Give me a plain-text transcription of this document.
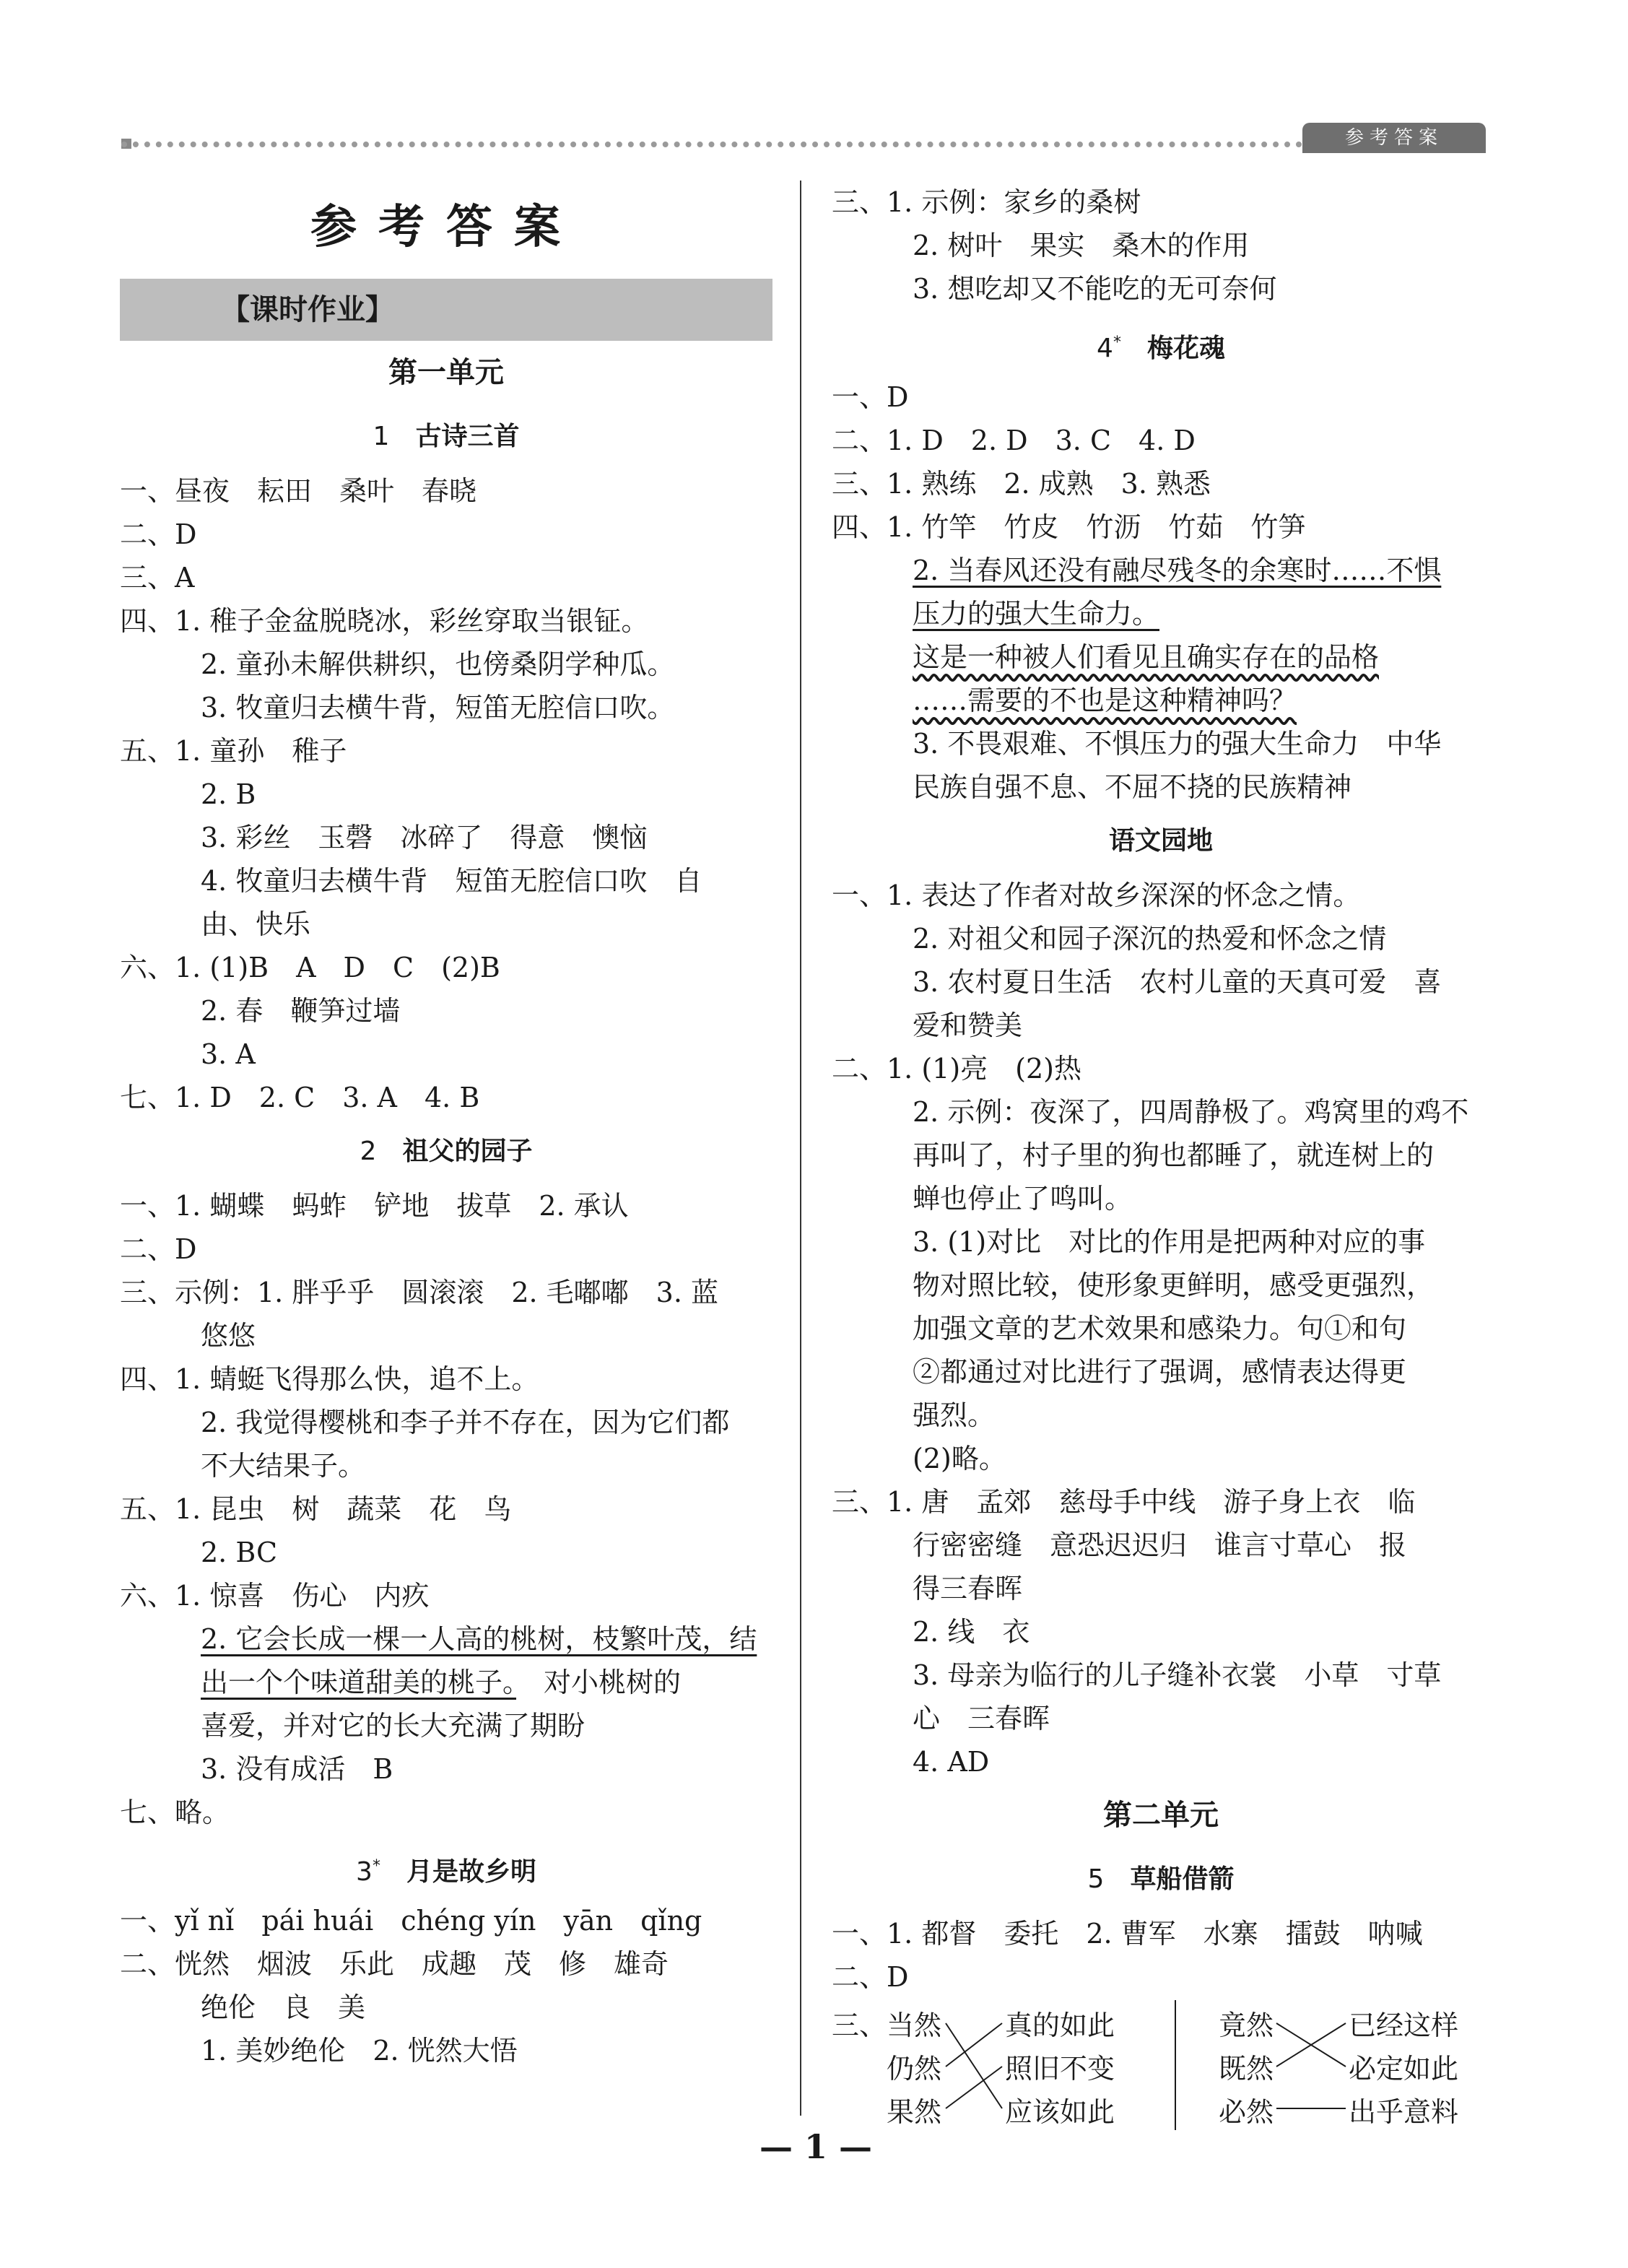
参考答案
参考答案
【课时作业】
第一单元
1 古诗三首
一、昼夜　耘田　桑叶　春晓
二、D
三、A
四、1. 稚子金盆脱晓冰，彩丝穿取当银钲。
2. 童孙未解供耕织，也傍桑阴学种瓜。
3. 牧童归去横牛背，短笛无腔信口吹。
五、1. 童孙　稚子
2. B
3. 彩丝　玉磬　冰碎了　得意　懊恼
4. 牧童归去横牛背　短笛无腔信口吹　自
由、快乐
六、1. (1)B　A　D　C　(2)B
2. 春　鞭笋过墙
3. A
七、1. D　2. C　3. A　4. B
2 祖父的园子
一、1. 蝴蝶　蚂蚱　铲地　拔草　2. 承认
二、D
三、示例：1. 胖乎乎　圆滚滚　2. 毛嘟嘟　3. 蓝
悠悠
四、1. 蜻蜓飞得那么快，追不上。
2. 我觉得樱桃和李子并不存在，因为它们都
不大结果子。
五、1. 昆虫　树　蔬菜　花　鸟
2. BC
六、1. 惊喜　伤心　内疚
2. 它会长成一棵一人高的桃树，枝繁叶茂，结
出一个个味道甜美的桃子。　对小桃树的
喜爱，并对它的长大充满了期盼
3. 没有成活　B
七、略。
3* 月是故乡明
一、yǐ nǐ　pái huái　chéng yín　yān　qǐng
二、恍然　烟波　乐此　成趣　茂　修　雄奇
绝伦　良　美
1. 美妙绝伦　2. 恍然大悟
三、1. 示例：家乡的桑树
2. 树叶　果实　桑木的作用
3. 想吃却又不能吃的无可奈何
4* 梅花魂
一、D
二、1. D　2. D　3. C　4. D
三、1. 熟练　2. 成熟　3. 熟悉
四、1. 竹竿　竹皮　竹沥　竹茹　竹笋
2. 当春风还没有融尽残冬的余寒时……不惧
压力的强大生命力。
这是一种被人们看见且确实存在的品格
……需要的不也是这种精神吗？
3. 不畏艰难、不惧压力的强大生命力　中华
民族自强不息、不屈不挠的民族精神
语文园地
一、1. 表达了作者对故乡深深的怀念之情。
2. 对祖父和园子深沉的热爱和怀念之情
3. 农村夏日生活　农村儿童的天真可爱　喜
爱和赞美
二、1. (1)亮　(2)热
2. 示例：夜深了，四周静极了。鸡窝里的鸡不
再叫了，村子里的狗也都睡了，就连树上的
蝉也停止了鸣叫。
3. (1)对比　对比的作用是把两种对应的事
物对照比较，使形象更鲜明，感受更强烈，
加强文章的艺术效果和感染力。句①和句
②都通过对比进行了强调，感情表达得更
强烈。
(2)略。
三、1. 唐　孟郊　慈母手中线　游子身上衣　临
行密密缝　意恐迟迟归　谁言寸草心　报
得三春晖
2. 线　衣
3. 母亲为临行的儿子缝补衣裳　小草　寸草
心　三春晖
4. AD
第二单元
5 草船借箭
一、1. 都督　委托　2. 曹军　水寨　擂鼓　呐喊
二、D
三、 当然
仍然
果然
真的如此
照旧不变
应该如此
竟然
既然
必然
已经这样
必定如此
出乎意料
— 1 —
